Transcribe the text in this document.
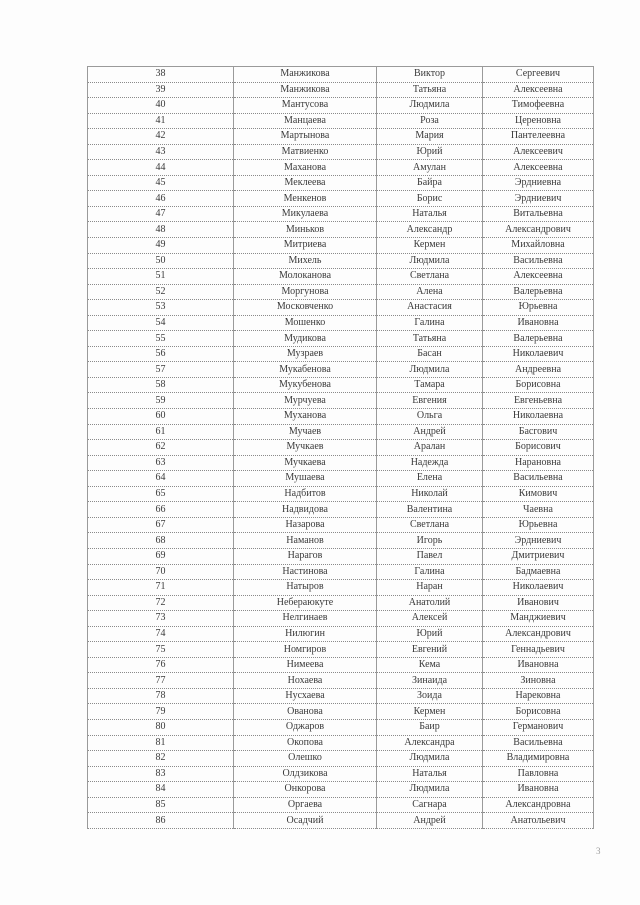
38	Манжикова	Виктор	Сергеевич
39	Манжикова	Татьяна	Алексеевна
40	Мантусова	Людмила	Тимофеевна
41	Манцаева	Роза	Цереновна
42	Мартынова	Мария	Пантелеевна
43	Матвиенко	Юрий	Алексеевич
44	Маханова	Амулан	Алексеевна
45	Меклеева	Байра	Эрдниевна
46	Менкенов	Борис	Эрдниевич
47	Микулаева	Наталья	Витальевна
48	Миньков	Александр	Александрович
49	Митриева	Кермен	Михайловна
50	Михель	Людмила	Васильевна
51	Молоканова	Светлана	Алексеевна
52	Моргунова	Алена	Валерьевна
53	Московченко	Анастасия	Юрьевна
54	Мошенко	Галина	Ивановна
55	Мудикова	Татьяна	Валерьевна
56	Музраев	Басан	Николаевич
57	Мукабенова	Людмила	Андреевна
58	Мукубенова	Тамара	Борисовна
59	Мурчуева	Евгения	Евгеньевна
60	Муханова	Ольга	Николаевна
61	Мучаев	Андрей	Басгович
62	Мучкаев	Аралан	Борисович
63	Мучкаева	Надежда	Нарановна
64	Мушаева	Елена	Васильевна
65	Надбитов	Николай	Кимович
66	Надвидова	Валентина	Чаевна
67	Назарова	Светлана	Юрьевна
68	Наманов	Игорь	Эрдниевич
69	Нарагов	Павел	Дмитриевич
70	Настинова	Галина	Бадмаевна
71	Натыров	Наран	Николаевич
72	Небераюкуте	Анатолий	Иванович
73	Нелгинаев	Алексей	Манджиевич
74	Нилюгин	Юрий	Александрович
75	Номгиров	Евгений	Геннадьевич
76	Нимеева	Кема	Ивановна
77	Нохаева	Зинаида	Зиновна
78	Нусхаева	Зоида	Нарековна
79	Ованова	Кермен	Борисовна
80	Оджаров	Баир	Германович
81	Окопова	Александра	Васильевна
82	Олешко	Людмила	Владимировна
83	Олдзикова	Наталья	Павловна
84	Онкорова	Людмила	Ивановна
85	Оргаева	Сагнара	Александровна
86	Осадчий	Андрей	Анатольевич
3
